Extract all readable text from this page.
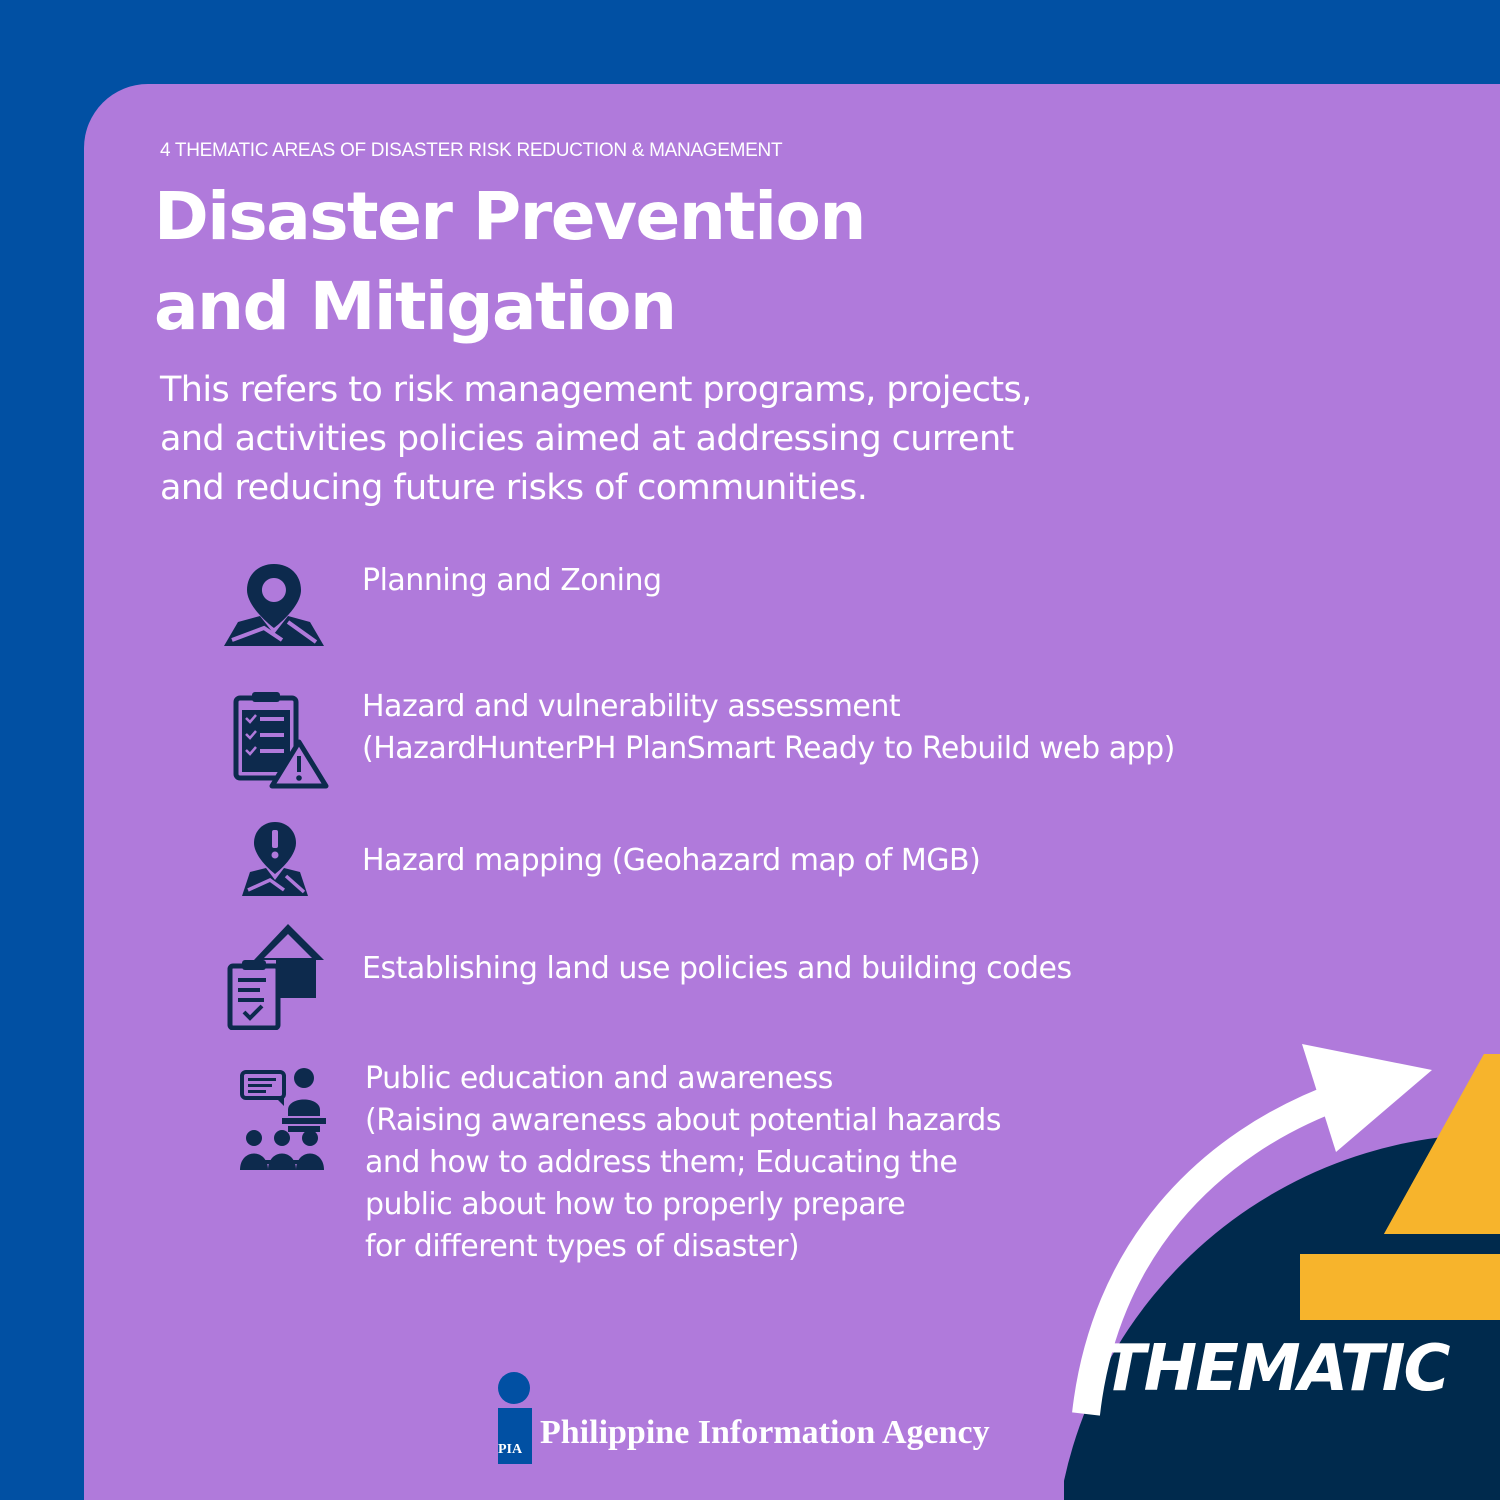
4 THEMATIC AREAS OF DISASTER RISK REDUCTION & MANAGEMENT
Disaster Prevention
and Mitigation

This refers to risk management programs, projects,
and activities policies aimed at addressing current
and reducing future risks of communities.

Planning and Zoning
Hazard and vulnerability assessment
(HazardHunterPH PlanSmart Ready to Rebuild web app)
Hazard mapping (Geohazard map of MGB)
Establishing land use policies and building codes
Public education and awareness
(Raising awareness about potential hazards
and how to address them; Educating the
public about how to properly prepare
for different types of disaster)
PIA Philippine Information Agency
THEMATIC
